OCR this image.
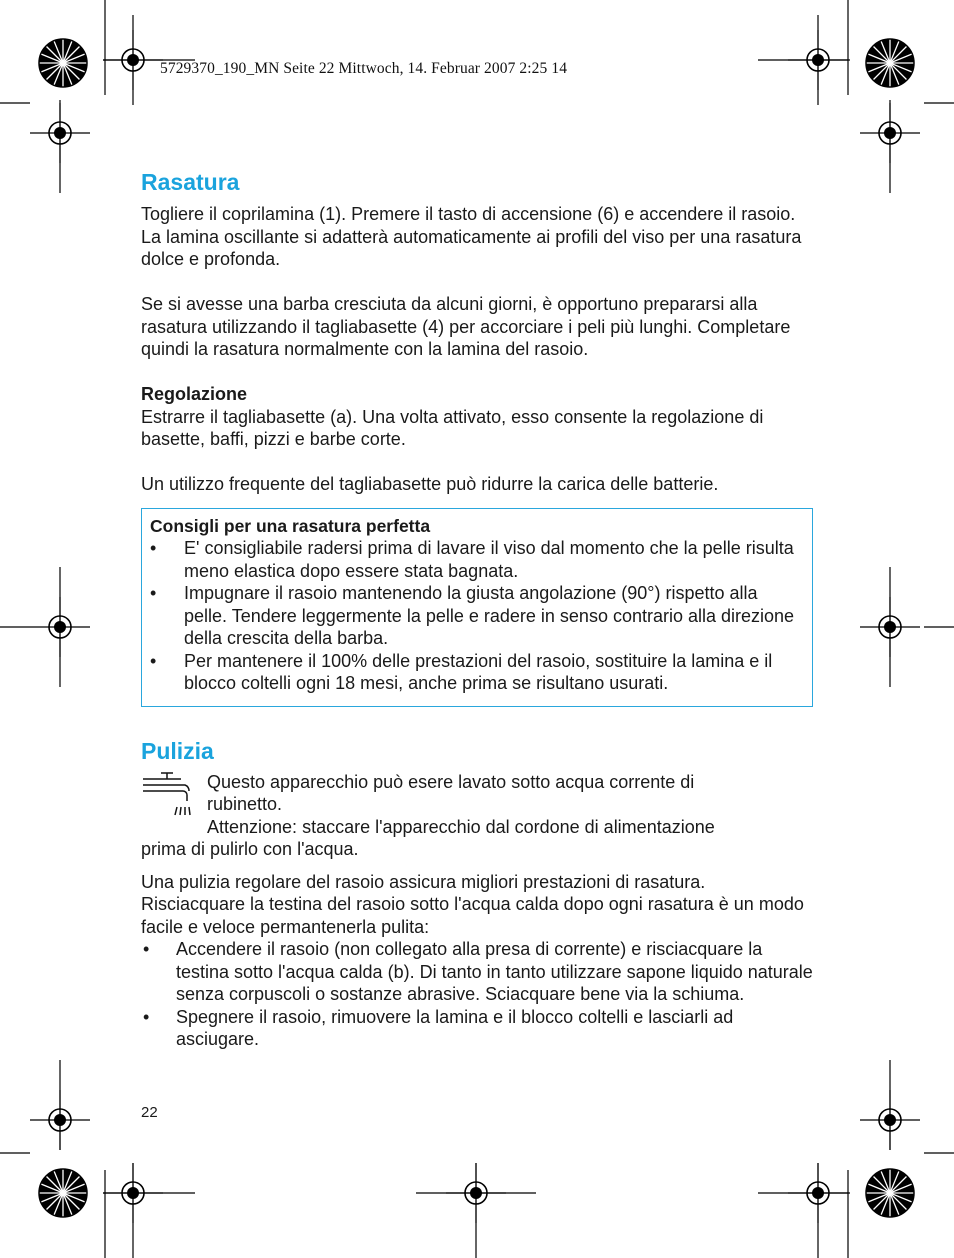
5729370_190_MN Seite 22 Mittwoch, 14. Februar 2007 2:25 14
Rasatura

Togliere il coprilamina (1). Premere il tasto di accensione (6) e accendere il rasoio. La lamina oscillante si adatterà automaticamente ai profili del viso per una rasatura dolce e profonda.

Se si avesse una barba cresciuta da alcuni giorni, è opportuno prepararsi alla rasatura utilizzando il tagliabasette (4) per accorciare i peli più lunghi. Completare quindi la rasatura normalmente con la lamina del rasoio.

Regolazione

Estrarre il tagliabasette (a). Una volta attivato, esso consente la regolazione di basette, baffi, pizzi e barbe corte.

Un utilizzo frequente del tagliabasette può ridurre la carica delle batterie.

Consigli per una rasatura perfetta
• E' consigliabile radersi prima di lavare il viso dal momento che la pelle risulta meno elastica dopo essere stata bagnata.
• Impugnare il rasoio mantenendo la giusta angolazione (90°) rispetto alla pelle. Tendere leggermente la pelle e radere in senso contrario alla direzione della crescita della barba.
• Per mantenere il 100% delle prestazioni del rasoio, sostituire la lamina e il blocco coltelli ogni 18 mesi, anche prima se risultano usurati.
Pulizia

Questo apparecchio può esere lavato sotto acqua corrente di

rubinetto.

Attenzione: staccare l'apparecchio dal cordone di alimentazione

prima di pulirlo con l'acqua.

Una pulizia regolare del rasoio assicura migliori prestazioni di rasatura. Risciacquare la testina del rasoio sotto l'acqua calda dopo ogni rasatura è un modo facile e veloce permantenerla pulita:

• Accendere il rasoio (non collegato alla presa di corrente) e risciacquare la testina sotto l'acqua calda (b). Di tanto in tanto utilizzare sapone liquido naturale senza corpuscoli o sostanze abrasive. Sciacquare bene via la schiuma.
• Spegnere il rasoio, rimuovere la lamina e il blocco coltelli e lasciarli ad asciugare.
22
